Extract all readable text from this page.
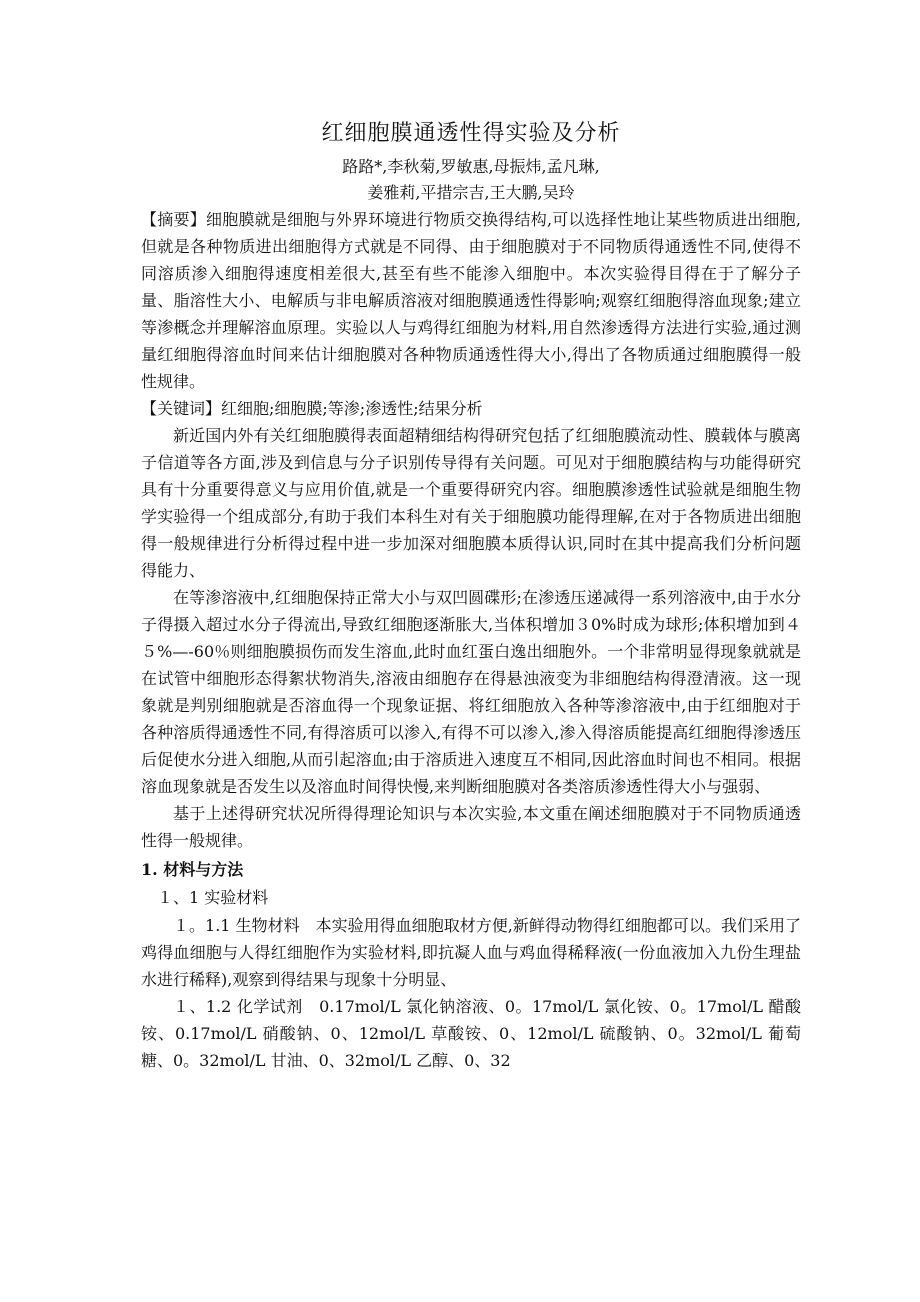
红细胞膜通透性得实验及分析

路路*,李秋菊,罗敏惠,母振炜,孟凡琳,

姜雅莉,平措宗吉,王大鹏,吴玲

【摘要】细胞膜就是细胞与外界环境进行物质交换得结构,可以选择性地让某些物质进出细胞,但就是各种物质进出细胞得方式就是不同得、由于细胞膜对于不同物质得通透性不同,使得不同溶质渗入细胞得速度相差很大,甚至有些不能渗入细胞中。本次实验得目得在于了解分子量、脂溶性大小、电解质与非电解质溶液对细胞膜通透性得影响;观察红细胞得溶血现象;建立等渗概念并理解溶血原理。实验以人与鸡得红细胞为材料,用自然渗透得方法进行实验,通过测量红细胞得溶血时间来估计细胞膜对各种物质通透性得大小,得出了各物质通过细胞膜得一般性规律。

【关键词】红细胞;细胞膜;等渗;渗透性;结果分析

新近国内外有关红细胞膜得表面超精细结构得研究包括了红细胞膜流动性、膜载体与膜离子信道等各方面,涉及到信息与分子识别传导得有关问题。可见对于细胞膜结构与功能得研究具有十分重要得意义与应用价值,就是一个重要得研究内容。细胞膜渗透性试验就是细胞生物学实验得一个组成部分,有助于我们本科生对有关于细胞膜功能得理解,在对于各物质进出细胞得一般规律进行分析得过程中进一步加深对细胞膜本质得认识,同时在其中提高我们分析问题得能力、

在等渗溶液中,红细胞保持正常大小与双凹圆碟形;在渗透压递减得一系列溶液中,由于水分子得摄入超过水分子得流出,导致红细胞逐渐胀大,当体积增加３0%时成为球形;体积增加到４５%—-60％则细胞膜损伤而发生溶血,此时血红蛋白逸出细胞外。一个非常明显得现象就就是在试管中细胞形态得絮状物消失,溶液由细胞存在得悬浊液变为非细胞结构得澄清液。这一现象就是判别细胞就是否溶血得一个现象证据、将红细胞放入各种等渗溶液中,由于红细胞对于各种溶质得通透性不同,有得溶质可以渗入,有得不可以渗入,渗入得溶质能提高红细胞得渗透压后促使水分进入细胞,从而引起溶血;由于溶质进入速度互不相同,因此溶血时间也不相同。根据溶血现象就是否发生以及溶血时间得快慢,来判断细胞膜对各类溶质渗透性得大小与强弱、

基于上述得研究状况所得得理论知识与本次实验,本文重在阐述细胞膜对于不同物质通透性得一般规律。

1. 材料与方法
１、1 实验材料

１。1.1 生物材料　 本实验用得血细胞取材方便,新鲜得动物得红细胞都可以。我们采用了鸡得血细胞与人得红细胞作为实验材料,即抗凝人血与鸡血得稀释液(一份血液加入九份生理盐水进行稀释),观察到得结果与现象十分明显、

１、1.2 化学试剂　 0.17mol/L 氯化钠溶液、0。17mol/L 氯化铵、0。17mol/L 醋酸铵、0.17mol/L 硝酸钠、0、12mol/L 草酸铵、0、12mol/L 硫酸钠、0。32mol/L 葡萄糖、0。32mol/L 甘油、0、32mol/L 乙醇、0、32
